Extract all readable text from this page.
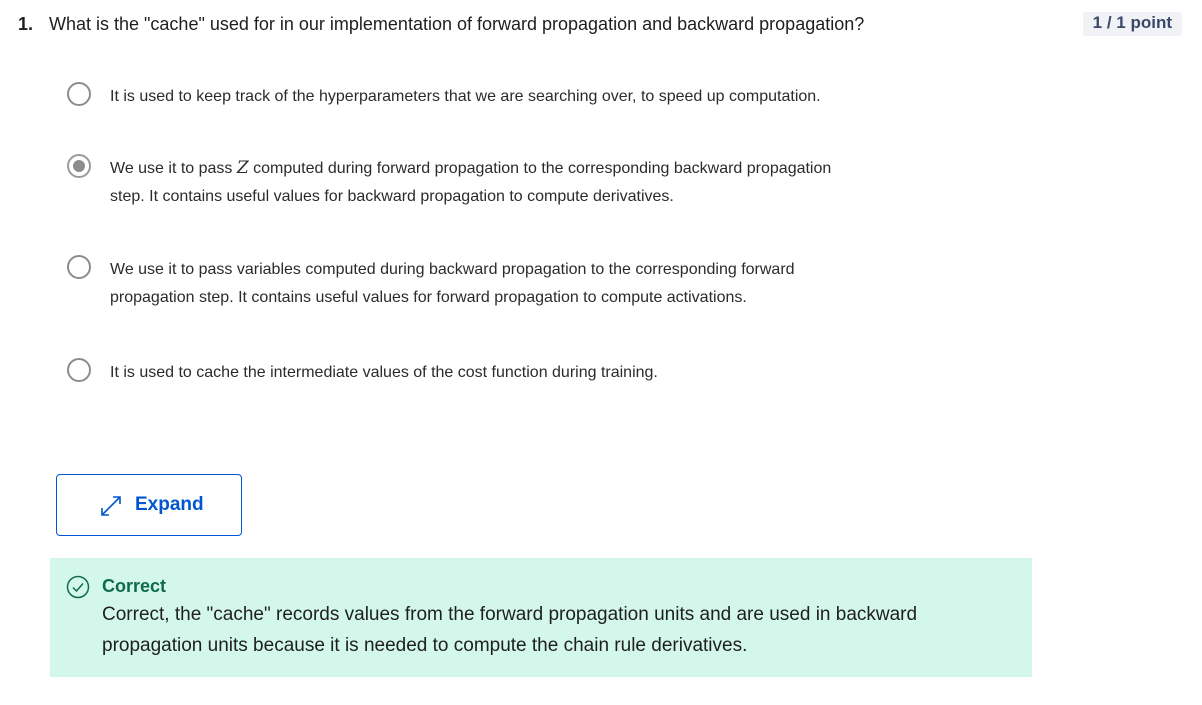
1. What is the "cache" used for in our implementation of forward propagation and backward propagation?	1 / 1 point
It is used to keep track of the hyperparameters that we are searching over, to speed up computation.
We use it to pass Z computed during forward propagation to the corresponding backward propagation step. It contains useful values for backward propagation to compute derivatives.
We use it to pass variables computed during backward propagation to the corresponding forward propagation step. It contains useful values for forward propagation to compute activations.
It is used to cache the intermediate values of the cost function during training.
Expand
Correct
Correct, the "cache" records values from the forward propagation units and are used in backward propagation units because it is needed to compute the chain rule derivatives.
